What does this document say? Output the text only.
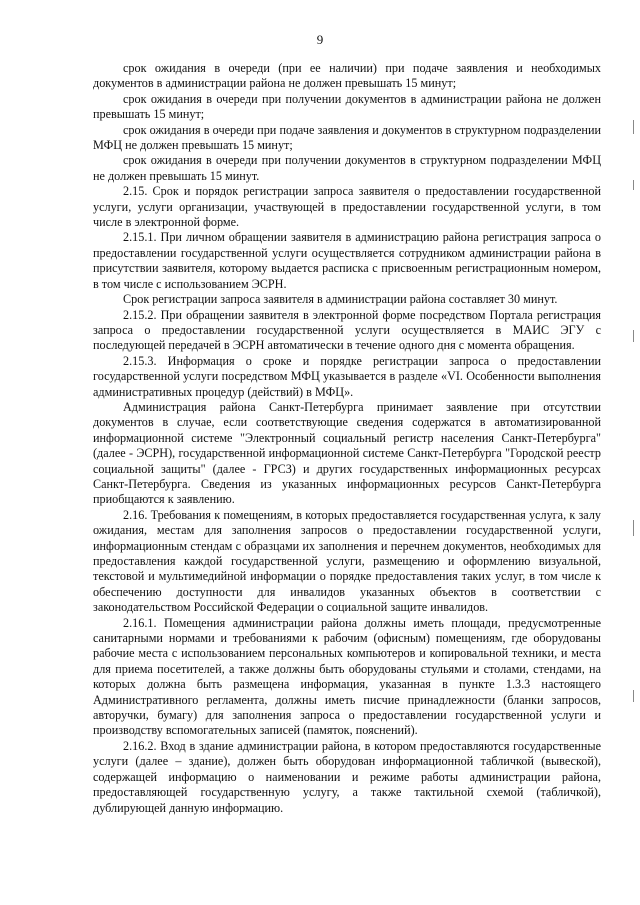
9

срок ожидания в очереди (при ее наличии) при подаче заявления и необходимых документов в администрации района не должен превышать 15 минут;

срок ожидания в очереди при получении документов в администрации района не должен превышать 15 минут;

срок ожидания в очереди при подаче заявления и документов в структурном подразделении МФЦ не должен превышать 15 минут;

срок ожидания в очереди при получении документов в структурном подразделении МФЦ не должен превышать 15 минут.

2.15. Срок и порядок регистрации запроса заявителя о предоставлении государственной услуги, услуги организации, участвующей в предоставлении государственной услуги, в том числе в электронной форме.

2.15.1. При личном обращении заявителя в администрацию района регистрация запроса о предоставлении государственной услуги осуществляется сотрудником администрации района в присутствии заявителя, которому выдается расписка с присвоенным регистрационным номером, в том числе с использованием ЭСРН.

Срок регистрации запроса заявителя в администрации района составляет 30 минут.

2.15.2. При обращении заявителя в электронной форме посредством Портала регистрация запроса о предоставлении государственной услуги осуществляется в МАИС ЭГУ с последующей передачей в ЭСРН автоматически в течение одного дня с момента обращения.

2.15.3. Информация о сроке и порядке регистрации запроса о предоставлении государственной услуги посредством МФЦ указывается в разделе «VI. Особенности выполнения административных процедур (действий) в МФЦ».

Администрация района Санкт-Петербурга принимает заявление при отсутствии документов в случае, если соответствующие сведения содержатся в автоматизированной информационной системе "Электронный социальный регистр населения Санкт-Петербурга" (далее - ЭСРН), государственной информационной системе Санкт-Петербурга "Городской реестр социальной защиты" (далее - ГРСЗ) и других государственных информационных ресурсах Санкт-Петербурга. Сведения из указанных информационных ресурсов Санкт-Петербурга приобщаются к заявлению.

2.16. Требования к помещениям, в которых предоставляется государственная услуга, к залу ожидания, местам для заполнения запросов о предоставлении государственной услуги, информационным стендам с образцами их заполнения и перечнем документов, необходимых для предоставления каждой государственной услуги, размещению и оформлению визуальной, текстовой и мультимедийной информации о порядке предоставления таких услуг, в том числе к обеспечению доступности для инвалидов указанных объектов в соответствии с законодательством Российской Федерации о социальной защите инвалидов.

2.16.1. Помещения администрации района должны иметь площади, предусмотренные санитарными нормами и требованиями к рабочим (офисным) помещениям, где оборудованы рабочие места с использованием персональных компьютеров и копировальной техники, и места для приема посетителей, а также должны быть оборудованы стульями и столами, стендами, на которых должна быть размещена информация, указанная в пункте 1.3.3 настоящего Административного регламента, должны иметь писчие принадлежности (бланки запросов, авторучки, бумагу) для заполнения запроса о предоставлении государственной услуги и производству вспомогательных записей (памяток, пояснений).

2.16.2. Вход в здание администрации района, в котором предоставляются государственные услуги (далее – здание), должен быть оборудован информационной табличкой (вывеской), содержащей информацию о наименовании и режиме работы администрации района, предоставляющей государственную услугу, а также тактильной схемой (табличкой), дублирующей данную информацию.
